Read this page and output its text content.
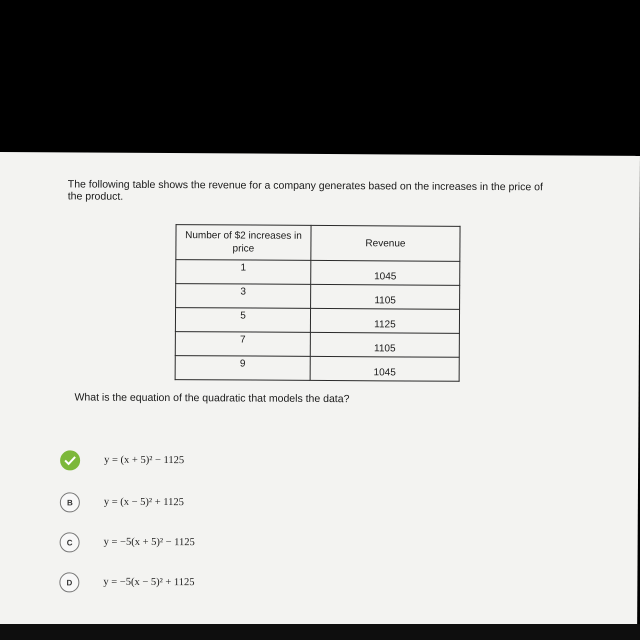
The following table shows the revenue for a company generates based on the increases in the price of the product.
Number of $2 increases in price	Revenue
1	1045
3	1105
5	1125
7	1105
9	1045
What is the equation of the quadratic that models the data?
y = (x + 5)² − 1125
B	y = (x − 5)² + 1125
C	y = −5(x + 5)² − 1125
D	y = −5(x − 5)² + 1125
